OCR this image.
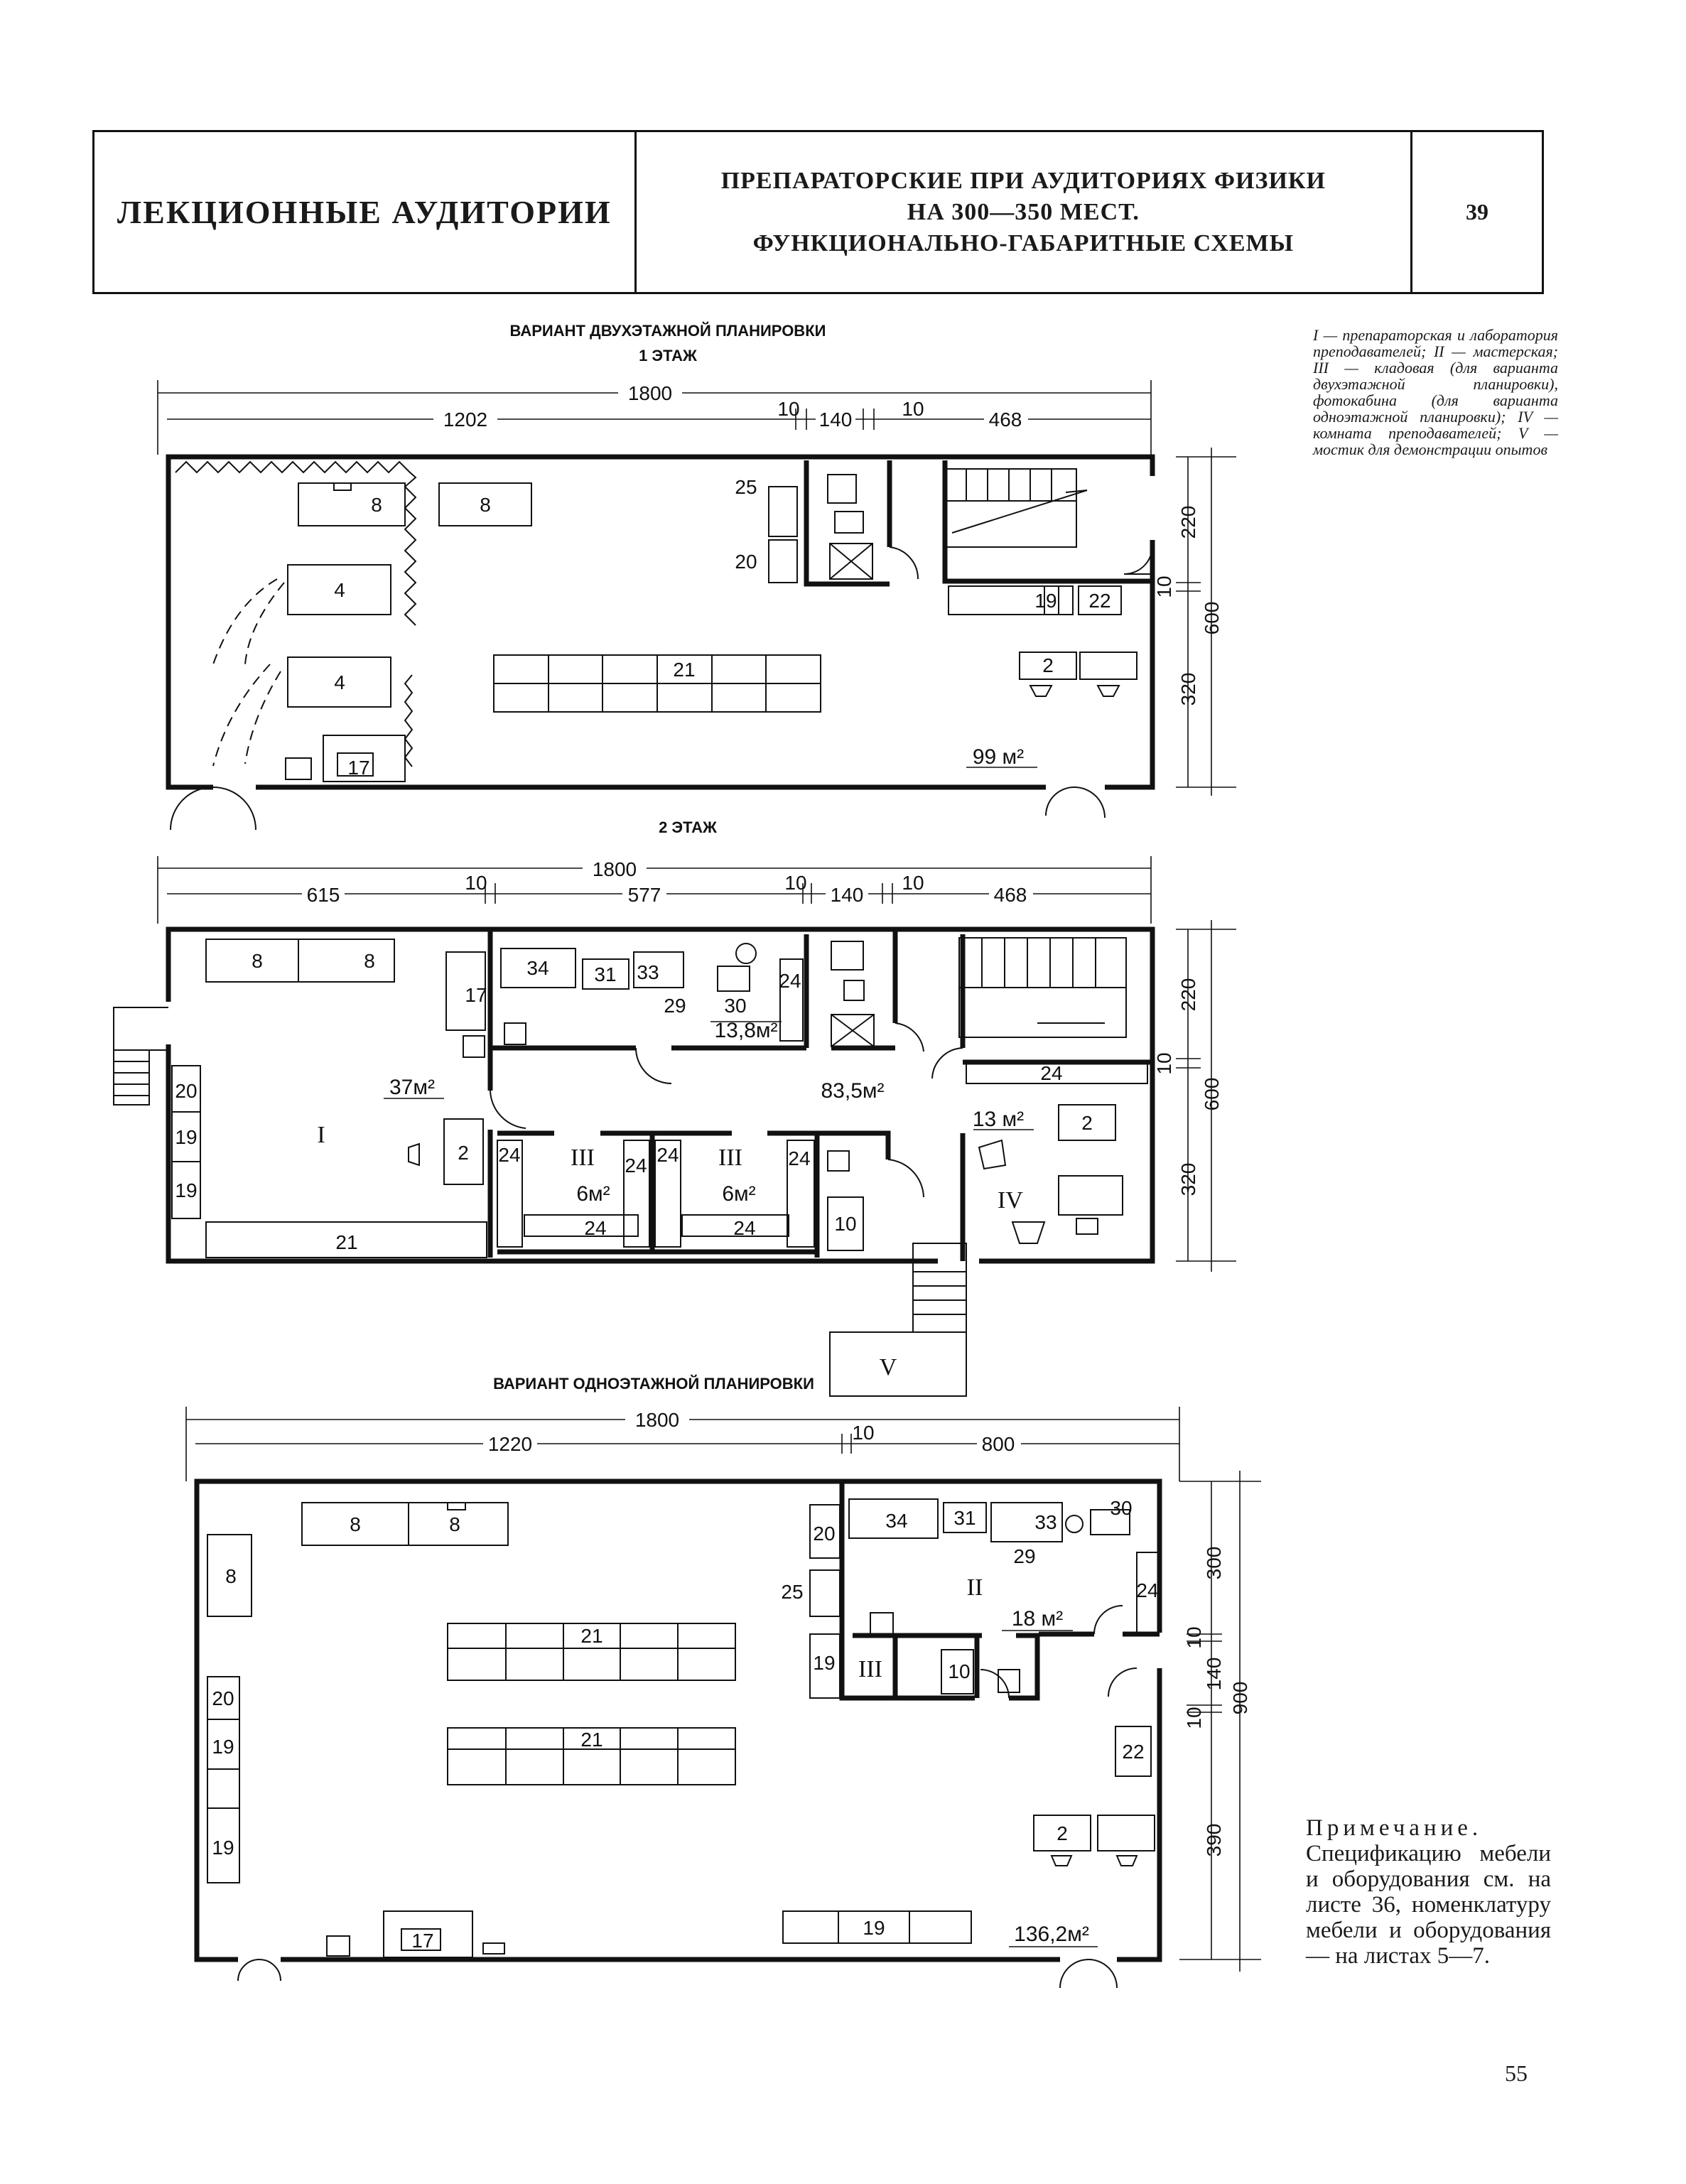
ЛЕКЦИОННЫЕ АУДИТОРИИ
ПРЕПАРАТОРСКИЕ ПРИ АУДИТОРИЯХ ФИЗИКИ
НА 300—350 МЕСТ.
ФУНКЦИОНАЛЬНО-ГАБАРИТНЫЕ СХЕМЫ
39
I — препараторская и лаборатория преподавателей; II — мастерская; III — кладовая (для варианта двухэтажной планировки), фотокабина (для варианта одноэтажной планировки); IV — комната преподавателей; V — мостик для демонстрации опытов
Примечание. Спецификацию мебели и оборудования см. на листе 36, номенклатуру мебели и оборудования — на листах 5—7.
55
ВАРИАНТ ДВУХЭТАЖНОЙ ПЛАНИРОВКИ
1 ЭТАЖ
1800
1202	10 140	10	468
8	8
4
4
17
21
25
20
19 22
2
99 м²
600
220
10
320
2 ЭТАЖ
1800
615
10
577
10
140
10
468
V
8	8
17
20
19
19
2
21
37м²
I
34 31 33
29 30
24
13,8м²
83,5м²
24
24
24
24
III
6м²
24
24
24
III
6м²
10
13 м²	2
IV
600
220
10
320
ВАРИАНТ ОДНОЭТАЖНОЙ ПЛАНИРОВКИ
1800
1220
10
800
8	8
8
21
21
20
19
19
17
19	136,2м²
20
25
19
34 31	33
30
29
24
II
18 м²
III	10
22
2
900
300
10
140
10
390
